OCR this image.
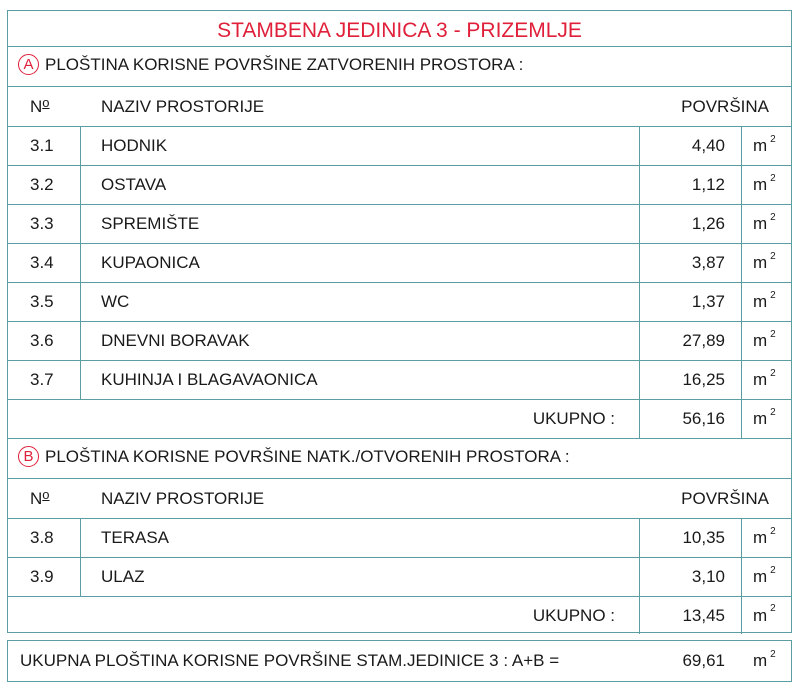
STAMBENA JEDINICA 3 - PRIZEMLJE
A PLOŠTINA KORISNE POVRŠINE ZATVORENIH PROSTORA :
N o	NAZIV PROSTORIJE	POVRŠINA
3.1	HODNIK	4,40 m $^2$
3.2	OSTAVA	1,12 m $^2$
3.3	SPREMIŠTE	1,26 m $^2$
3.4	KUPAONICA	3,87 m $^2$
3.5	WC	1,37 m $^2$
3.6	DNEVNI BORAVAK	27,89 m $^2$
3.7	KUHINJA I BLAGAVAONICA	16,25 m $^2$
UKUPNO :	56,16 m $^2$
B PLOŠTINA KORISNE POVRŠINE NATK./OTVORENIH PROSTORA :
N o	NAZIV PROSTORIJE	POVRŠINA
3.8	TERASA	10,35 m $^2$
3.9	ULAZ	3,10 m $^2$
UKUPNO :	13,45 m $^2$
UKUPNA PLOŠTINA KORISNE POVRŠINE STAM.JEDINICE 3 : A+B =	69,61 m $^2$
